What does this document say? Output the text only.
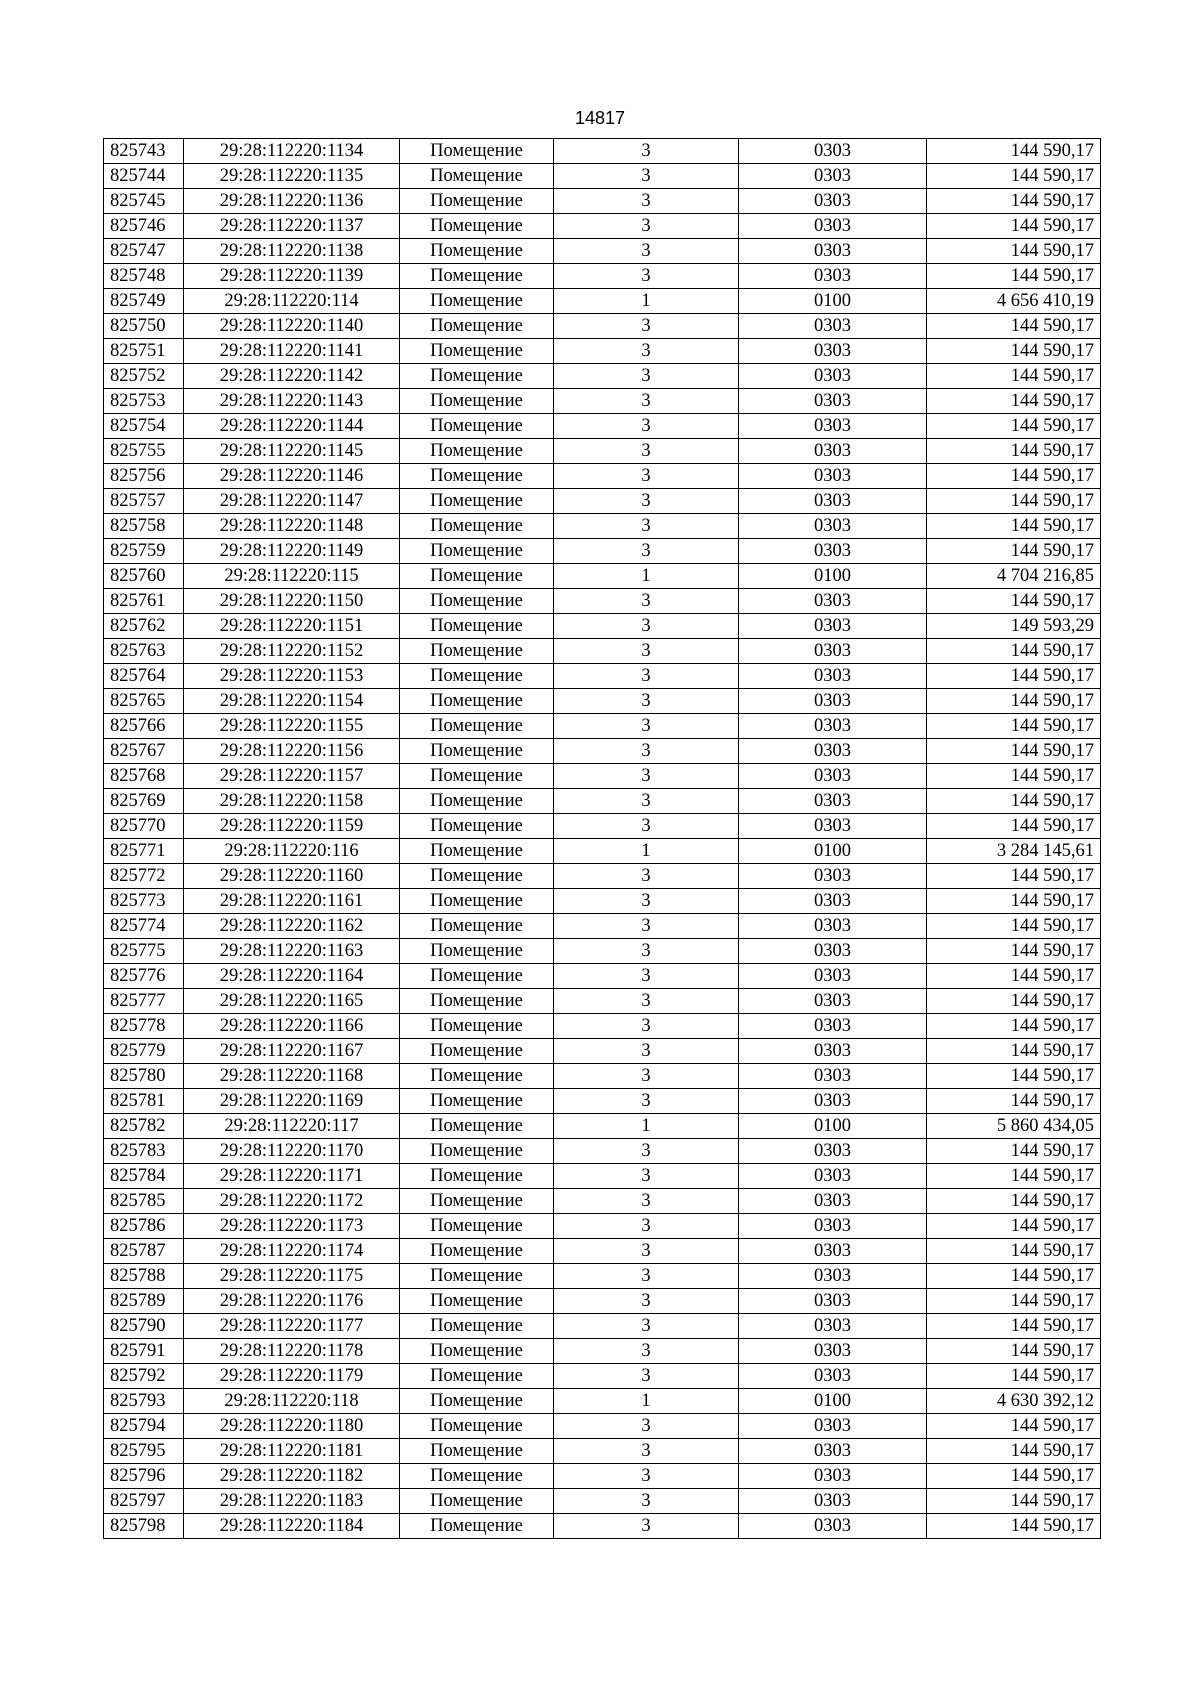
14817
825743	29:28:112220:1134	Помещение	3	0303	144 590,17
825744	29:28:112220:1135	Помещение	3	0303	144 590,17
825745	29:28:112220:1136	Помещение	3	0303	144 590,17
825746	29:28:112220:1137	Помещение	3	0303	144 590,17
825747	29:28:112220:1138	Помещение	3	0303	144 590,17
825748	29:28:112220:1139	Помещение	3	0303	144 590,17
825749	29:28:112220:114	Помещение	1	0100	4 656 410,19
825750	29:28:112220:1140	Помещение	3	0303	144 590,17
825751	29:28:112220:1141	Помещение	3	0303	144 590,17
825752	29:28:112220:1142	Помещение	3	0303	144 590,17
825753	29:28:112220:1143	Помещение	3	0303	144 590,17
825754	29:28:112220:1144	Помещение	3	0303	144 590,17
825755	29:28:112220:1145	Помещение	3	0303	144 590,17
825756	29:28:112220:1146	Помещение	3	0303	144 590,17
825757	29:28:112220:1147	Помещение	3	0303	144 590,17
825758	29:28:112220:1148	Помещение	3	0303	144 590,17
825759	29:28:112220:1149	Помещение	3	0303	144 590,17
825760	29:28:112220:115	Помещение	1	0100	4 704 216,85
825761	29:28:112220:1150	Помещение	3	0303	144 590,17
825762	29:28:112220:1151	Помещение	3	0303	149 593,29
825763	29:28:112220:1152	Помещение	3	0303	144 590,17
825764	29:28:112220:1153	Помещение	3	0303	144 590,17
825765	29:28:112220:1154	Помещение	3	0303	144 590,17
825766	29:28:112220:1155	Помещение	3	0303	144 590,17
825767	29:28:112220:1156	Помещение	3	0303	144 590,17
825768	29:28:112220:1157	Помещение	3	0303	144 590,17
825769	29:28:112220:1158	Помещение	3	0303	144 590,17
825770	29:28:112220:1159	Помещение	3	0303	144 590,17
825771	29:28:112220:116	Помещение	1	0100	3 284 145,61
825772	29:28:112220:1160	Помещение	3	0303	144 590,17
825773	29:28:112220:1161	Помещение	3	0303	144 590,17
825774	29:28:112220:1162	Помещение	3	0303	144 590,17
825775	29:28:112220:1163	Помещение	3	0303	144 590,17
825776	29:28:112220:1164	Помещение	3	0303	144 590,17
825777	29:28:112220:1165	Помещение	3	0303	144 590,17
825778	29:28:112220:1166	Помещение	3	0303	144 590,17
825779	29:28:112220:1167	Помещение	3	0303	144 590,17
825780	29:28:112220:1168	Помещение	3	0303	144 590,17
825781	29:28:112220:1169	Помещение	3	0303	144 590,17
825782	29:28:112220:117	Помещение	1	0100	5 860 434,05
825783	29:28:112220:1170	Помещение	3	0303	144 590,17
825784	29:28:112220:1171	Помещение	3	0303	144 590,17
825785	29:28:112220:1172	Помещение	3	0303	144 590,17
825786	29:28:112220:1173	Помещение	3	0303	144 590,17
825787	29:28:112220:1174	Помещение	3	0303	144 590,17
825788	29:28:112220:1175	Помещение	3	0303	144 590,17
825789	29:28:112220:1176	Помещение	3	0303	144 590,17
825790	29:28:112220:1177	Помещение	3	0303	144 590,17
825791	29:28:112220:1178	Помещение	3	0303	144 590,17
825792	29:28:112220:1179	Помещение	3	0303	144 590,17
825793	29:28:112220:118	Помещение	1	0100	4 630 392,12
825794	29:28:112220:1180	Помещение	3	0303	144 590,17
825795	29:28:112220:1181	Помещение	3	0303	144 590,17
825796	29:28:112220:1182	Помещение	3	0303	144 590,17
825797	29:28:112220:1183	Помещение	3	0303	144 590,17
825798	29:28:112220:1184	Помещение	3	0303	144 590,17
